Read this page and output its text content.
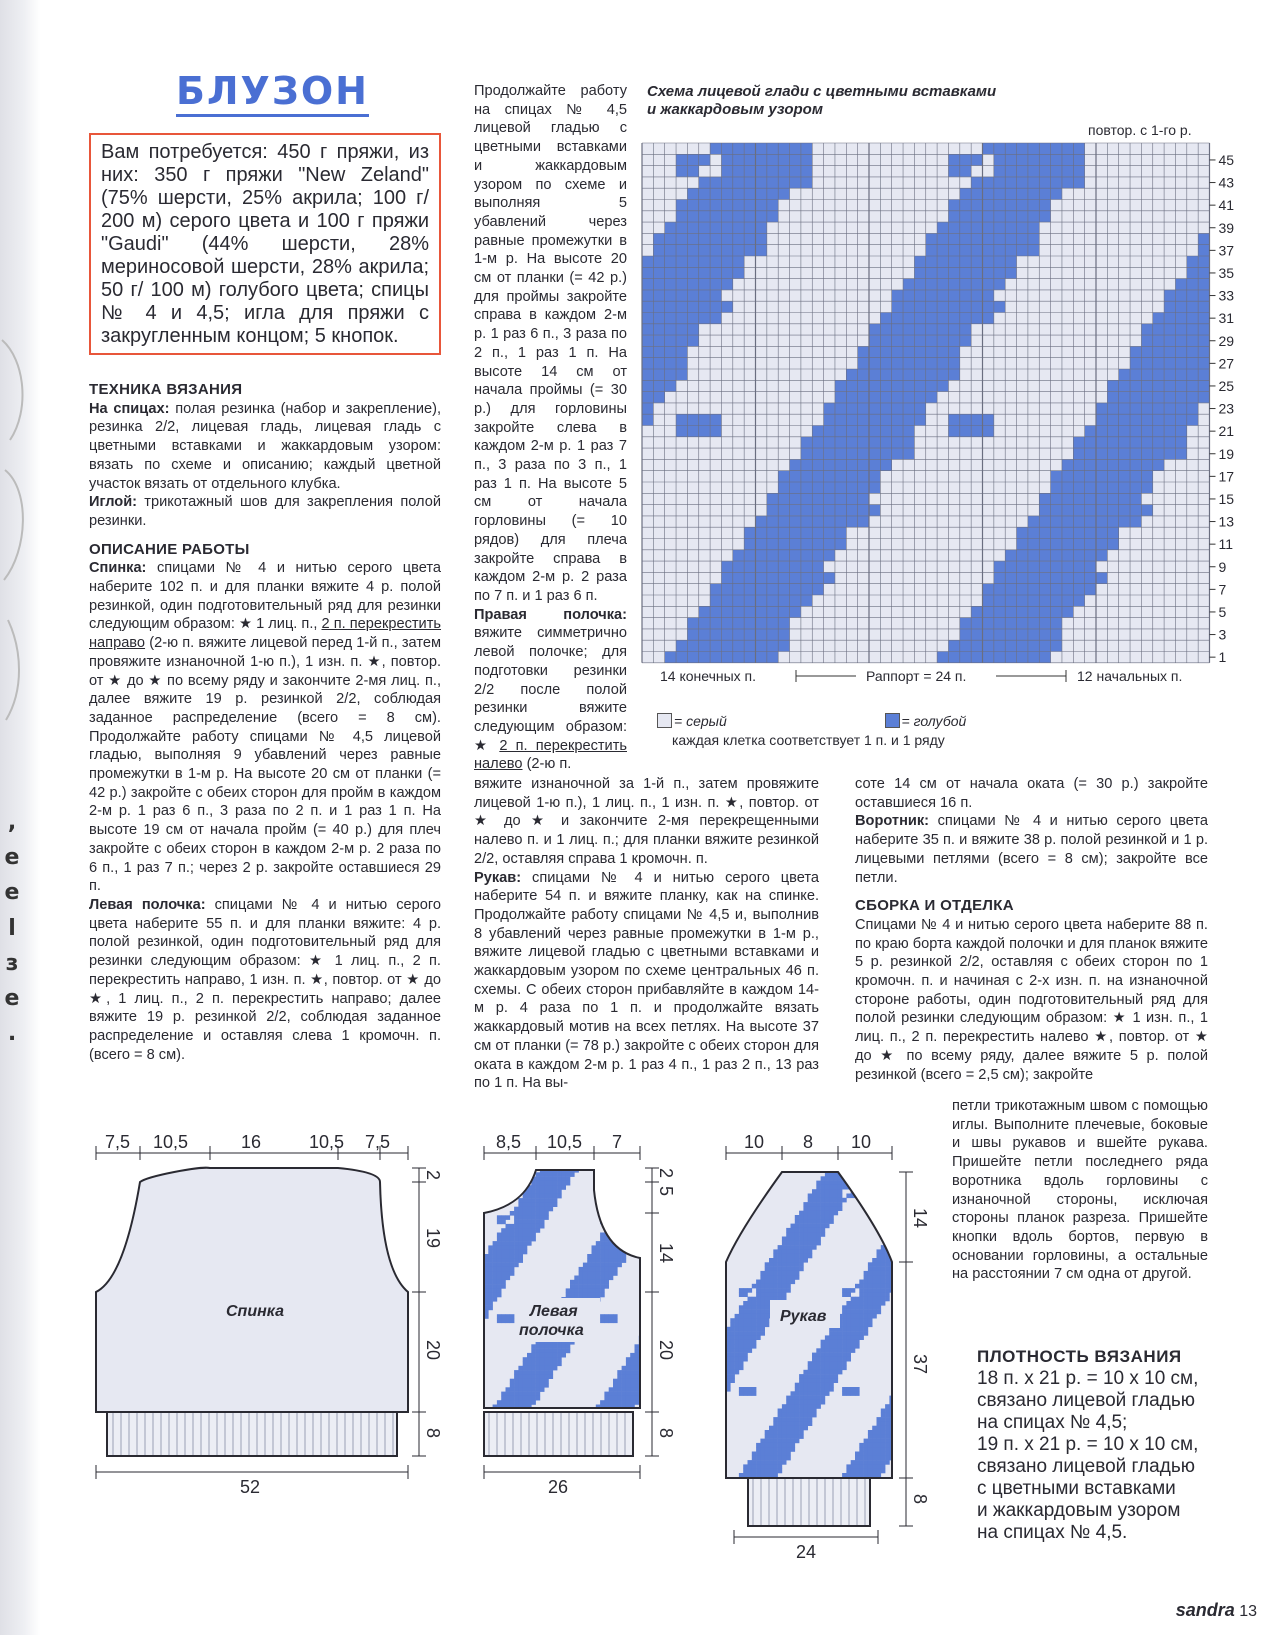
,
e
e
l
з
e
.
БЛУЗОН
Вам потребуется: 450 г пряжи, из них: 350 г пряжи "New Zeland" (75% шерсти, 25% акрила; 100 г/ 200 м) серого цвета и 100 г пряжи "Gaudi" (44% шерсти, 28% мериносовой шерсти, 28% акрила; 50 г/ 100 м) голубого цвета; спицы № 4 и 4,5; игла для пряжи с закругленным концом; 5 кнопок.

ТЕХНИКА ВЯЗАНИЯ

На спицах: полая резинка (набор и закрепление), резинка 2/2, лицевая гладь, лицевая гладь с цветными вставками и жаккардовым узором: вязать по схеме и описанию; каждый цветной участок вязать от отдельного клубка.

Иглой: трикотажный шов для закрепления полой резинки.

ОПИСАНИЕ РАБОТЫ

Спинка: спицами № 4 и нитью серого цвета наберите 102 п. и для планки вяжите 4 р. полой резинкой, один подготовительный ряд для резинки следующим образом: ★ 1 лиц. п., 2 п. перекрестить направо (2-ю п. вяжите лицевой перед 1-й п., затем провяжите изнаночной 1-ю п.), 1 изн. п. ★, повтор. от ★ до ★ по всему ряду и закончите 2-мя лиц. п., далее вяжите 19 р. резинкой 2/2, соблюдая заданное распределение (всего = 8 см). Продолжайте работу спицами № 4,5 лицевой гладью, выполняя 9 убавлений через равные промежутки в 1-м р. На высоте 20 см от планки (= 42 р.) закройте с обеих сторон для пройм в каждом 2-м р. 1 раз 6 п., 3 раза по 2 п. и 1 раз 1 п. На высоте 19 см от начала пройм (= 40 р.) для плеч закройте с обеих сторон в каждом 2-м р. 2 раза по 6 п., 1 раз 7 п.; через 2 р. закройте оставшиеся 29 п.

Левая полочка: спицами № 4 и нитью серого цвета наберите 55 п. и для планки вяжите: 4 р. полой резинкой, один подготовительный ряд для резинки следующим образом: ★ 1 лиц. п., 2 п. перекрестить направо, 1 изн. п. ★, повтор. от ★ до ★, 1 лиц. п., 2 п. перекрестить направо; далее вяжите 19 р. резинкой 2/2, соблюдая заданное распределение и оставляя слева 1 кромочн. п. (всего = 8 см).

Продолжайте работу на спицах № 4,5 лицевой гладью с цветными вставками и жаккардовым узором по схеме и выполняя 5 убавлений через равные промежутки в 1-м р. На высоте 20 см от планки (= 42 р.) для проймы закройте справа в каждом 2-м р. 1 раз 6 п., 3 раза по 2 п., 1 раз 1 п. На высоте 14 см от начала проймы (= 30 р.) для горловины закройте слева в каждом 2-м р. 1 раз 7 п., 3 раза по 3 п., 1 раз 1 п. На высоте 5 см от начала горловины (= 10 рядов) для плеча закройте справа в каждом 2-м р. 2 раза по 7 п. и 1 раз 6 п.

Правая полочка: вяжите симметрично левой полочке; для подготовки резинки 2/2 после полой резинки вяжите следующим образом: ★ 2 п. перекрестить налево (2-ю п.

вяжите изнаночной за 1-й п., затем провяжите лицевой 1-ю п.), 1 лиц. п., 1 изн. п. ★, повтор. от ★ до ★ и закончите 2-мя перекрещенными налево п. и 1 лиц. п.; для планки вяжите резинкой 2/2, оставляя справа 1 кромочн. п.

Рукав: спицами № 4 и нитью серого цвета наберите 54 п. и вяжите планку, как на спинке. Продолжайте работу спицами № 4,5 и, выполнив 8 убавлений через равные промежутки в 1-м р., вяжите лицевой гладью с цветными вставками и жаккардовым узором по схеме центральных 46 п. схемы. С обеих сторон прибавляйте в каждом 14-м р. 4 раза по 1 п. и продолжайте вязать жаккардовый мотив на всех петлях. На высоте 37 см от планки (= 78 р.) закройте с обеих сторон для оката в каждом 2-м р. 1 раз 4 п., 1 раз 2 п., 13 раз по 1 п. На вы-

соте 14 см от начала оката (= 30 р.) закройте оставшиеся 16 п.

Воротник: спицами № 4 и нитью серого цвета наберите 35 п. и вяжите 38 р. полой резинкой и 1 р. лицевыми петлями (всего = 8 см); закройте все петли.

СБОРКА И ОТДЕЛКА

Спицами № 4 и нитью серого цвета наберите 88 п. по краю борта каждой полочки и для планок вяжите 5 р. резинкой 2/2, оставляя с обеих сторон по 1 кромочн. п. и начиная с 2-х изн. п. на изнаночной стороне работы, один подготовительный ряд для полой резинки следующим образом: ★ 1 изн. п., 1 лиц. п., 2 п. перекрестить налево ★, повтор. от ★ до ★ по всему ряду, далее вяжите 5 р. полой резинкой (всего = 2,5 см); закройте

петли трикотажным швом с помощью иглы. Выполните плечевые, боковые и швы рукавов и вшейте рукава. Пришейте петли последнего ряда воротника вдоль горловины с изнаночной стороны, исключая стороны планок разреза. Пришейте кнопки вдоль бортов, первую в основании горловины, а остальные на расстоянии 7 см одна от другой.
Схема лицевой глади с цветными вставками
и жаккардовым узором
повтор. с 1-го р.
45
43
41
39
37
35
33
31
29
27
25
23
21
19
17
15
13
11
9
7
5
3
1
14 конечных п.	Раппорт = 24 п.	12 начальных п.
= серый	= голубой
каждая клетка соответствует 1 п. и 1 ряду
Спинка
7,5 10,5	16	10,5 7,5
2
19
20
8
52
Левая
полочка
8,5 10,5 7
2
5
14
20
8
26
Рукав
10 8 10
14
37
8
24
ПЛОТНОСТЬ ВЯЗАНИЯ
18 п. х 21 р. = 10 х 10 см,
связано лицевой гладью
на спицах № 4,5;
19 п. х 21 р. = 10 х 10 см,
связано лицевой гладью
с цветными вставками
и жаккардовым узором
на спицах № 4,5.
sandra 13
